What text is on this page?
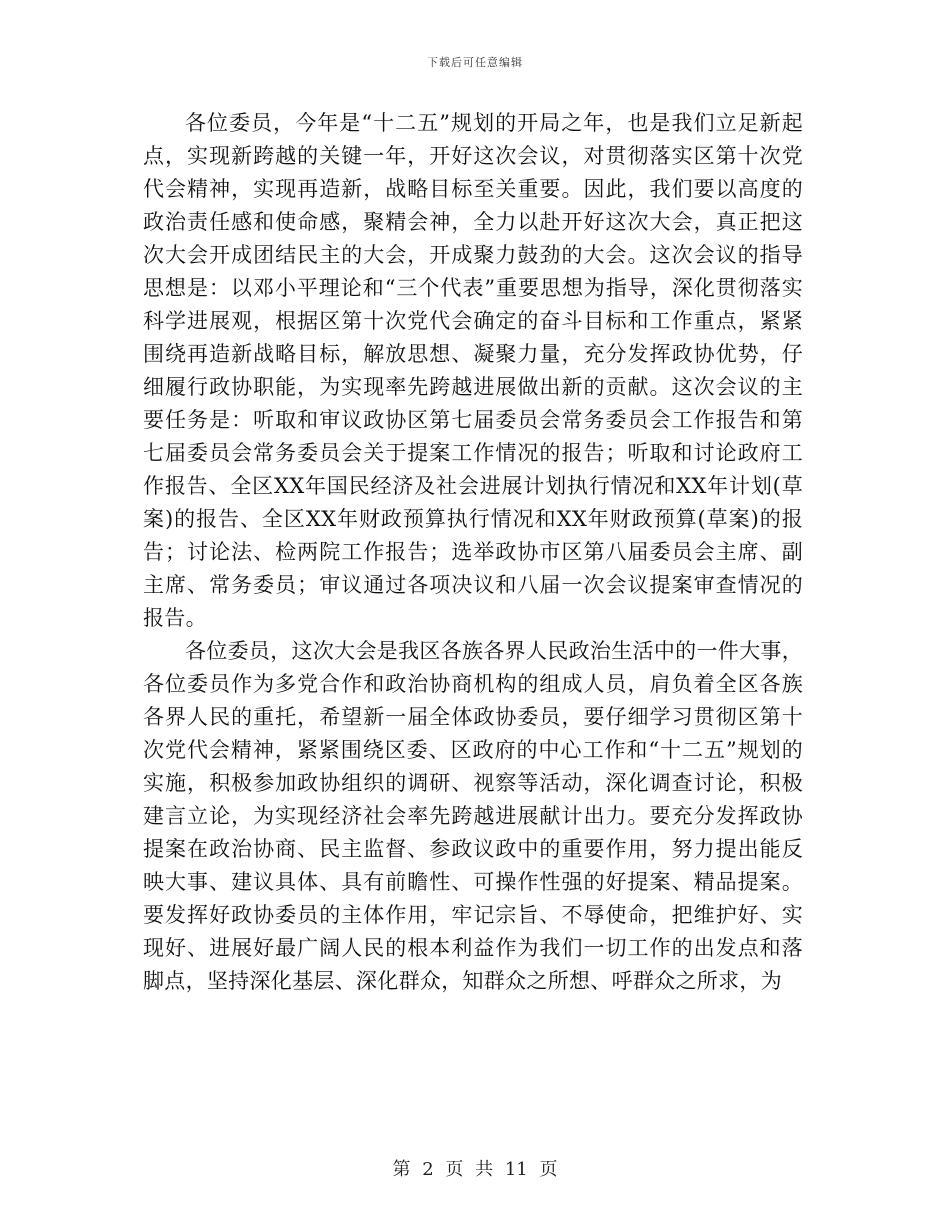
下载后可任意编辑

各位委员，今年是“十二五”规划的开局之年，也是我们立足新起点，实现新跨越的关键一年，开好这次会议，对贯彻落实区第十次党代会精神，实现再造新，战略目标至关重要。因此，我们要以高度的政治责任感和使命感，聚精会神，全力以赴开好这次大会，真正把这次大会开成团结民主的大会，开成聚力鼓劲的大会。这次会议的指导思想是：以邓小平理论和“三个代表”重要思想为指导，深化贯彻落实科学进展观，根据区第十次党代会确定的奋斗目标和工作重点，紧紧围绕再造新战略目标，解放思想、凝聚力量，充分发挥政协优势，仔细履行政协职能，为实现率先跨越进展做出新的贡献。这次会议的主要任务是：听取和审议政协区第七届委员会常务委员会工作报告和第七届委员会常务委员会关于提案工作情况的报告；听取和讨论政府工作报告、全区XX年国民经济及社会进展计划执行情况和XX年计划(草案)的报告、全区XX年财政预算执行情况和XX年财政预算(草案)的报告；讨论法、检两院工作报告；选举政协市区第八届委员会主席、副主席、常务委员；审议通过各项决议和八届一次会议提案审查情况的报告。

各位委员，这次大会是我区各族各界人民政治生活中的一件大事，各位委员作为多党合作和政治协商机构的组成人员，肩负着全区各族各界人民的重托，希望新一届全体政协委员，要仔细学习贯彻区第十次党代会精神，紧紧围绕区委、区政府的中心工作和“十二五”规划的实施，积极参加政协组织的调研、视察等活动，深化调查讨论，积极建言立论，为实现经济社会率先跨越进展献计出力。要充分发挥政协提案在政治协商、民主监督、参政议政中的重要作用，努力提出能反映大事、建议具体、具有前瞻性、可操作性强的好提案、精品提案。要发挥好政协委员的主体作用，牢记宗旨、不辱使命，把维护好、实现好、进展好最广阔人民的根本利益作为我们一切工作的出发点和落脚点，坚持深化基层、深化群众，知群众之所想、呼群众之所求，为

第 2 页 共 11 页
